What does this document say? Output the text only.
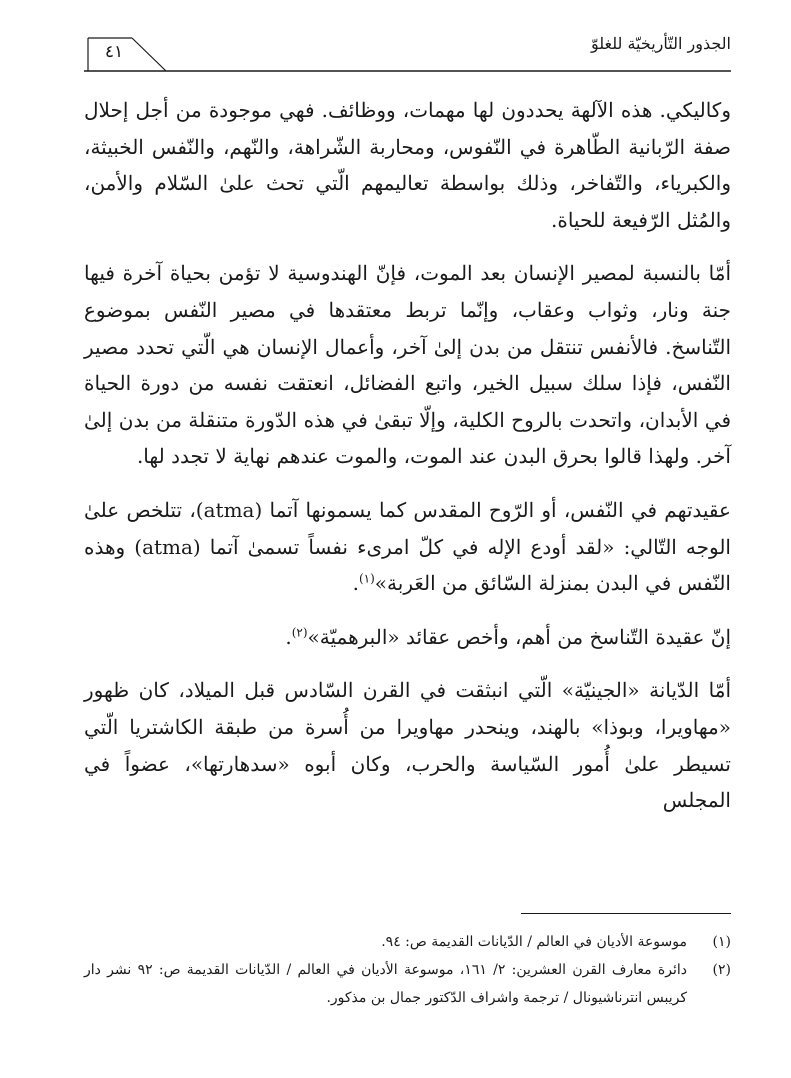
٤١	الجذور التّأريخيّة للغلوّ

وكاليكي. هذه الآلهة يحددون لها مهمات، ووظائف. فهي موجودة من أجل إحلال صفة الرّبانية الطّاهرة في النّفوس، ومحاربة الشّراهة، والنّهم، والنّفس الخبيثة، والكبرياء، والتّفاخر، وذلك بواسطة تعاليمهم الّتي تحث علىٰ السّلام والأمن، والمُثل الرّفيعة للحياة.

أمّا بالنسبة لمصير الإنسان بعد الموت، فإنّ الهندوسية لا تؤمن بحياة آخرة فيها جنة ونار، وثواب وعقاب، وإنّما تربط معتقدها في مصير النّفس بموضوع التّناسخ. فالأنفس تنتقل من بدن إلىٰ آخر، وأعمال الإنسان هي الّتي تحدد مصير النّفس، فإذا سلك سبيل الخير، واتبع الفضائل، انعتقت نفسه من دورة الحياة في الأبدان، واتحدت بالروح الكلية، وإلّا تبقىٰ في هذه الدّورة متنقلة من بدن إلىٰ آخر. ولهذا قالوا بحرق البدن عند الموت، والموت عندهم نهاية لا تجدد لها.

عقيدتهم في النّفس، أو الرّوح المقدس كما يسمونها آتما (atma)، تتلخص علىٰ الوجه التّالي: «لقد أودع الإله في كلّ امرىء نفساً تسمىٰ آتما (atma) وهذه النّفس في البدن بمنزلة السّائق من العَربة»$^{(١)}$.

إنّ عقيدة التّناسخ من أهم، وأخص عقائد «البرهميّة»$^{(٢)}$.

أمّا الدّيانة «الجينيّة» الّتي انبثقت في القرن السّادس قبل الميلاد، كان ظهور «مهاويرا، وبوذا» بالهند، وينحدر مهاويرا من أُسرة من طبقة الكاشتريا الّتي تسيطر علىٰ أُمور السّياسة والحرب، وكان أبوه «سدهارتها»، عضواً في المجلس

(١)
موسوعة الأديان في العالم / الدّيانات القديمة ص: ٩٤.
(٢)
دائرة معارف القرن العشرين: ٢/ ١٦١، موسوعة الأديان في العالم / الدّيانات القديمة ص: ٩٢ نشر دار كريبس انترناشيونال / ترجمة واشراف الدّكتور جمال بن مذكور.
